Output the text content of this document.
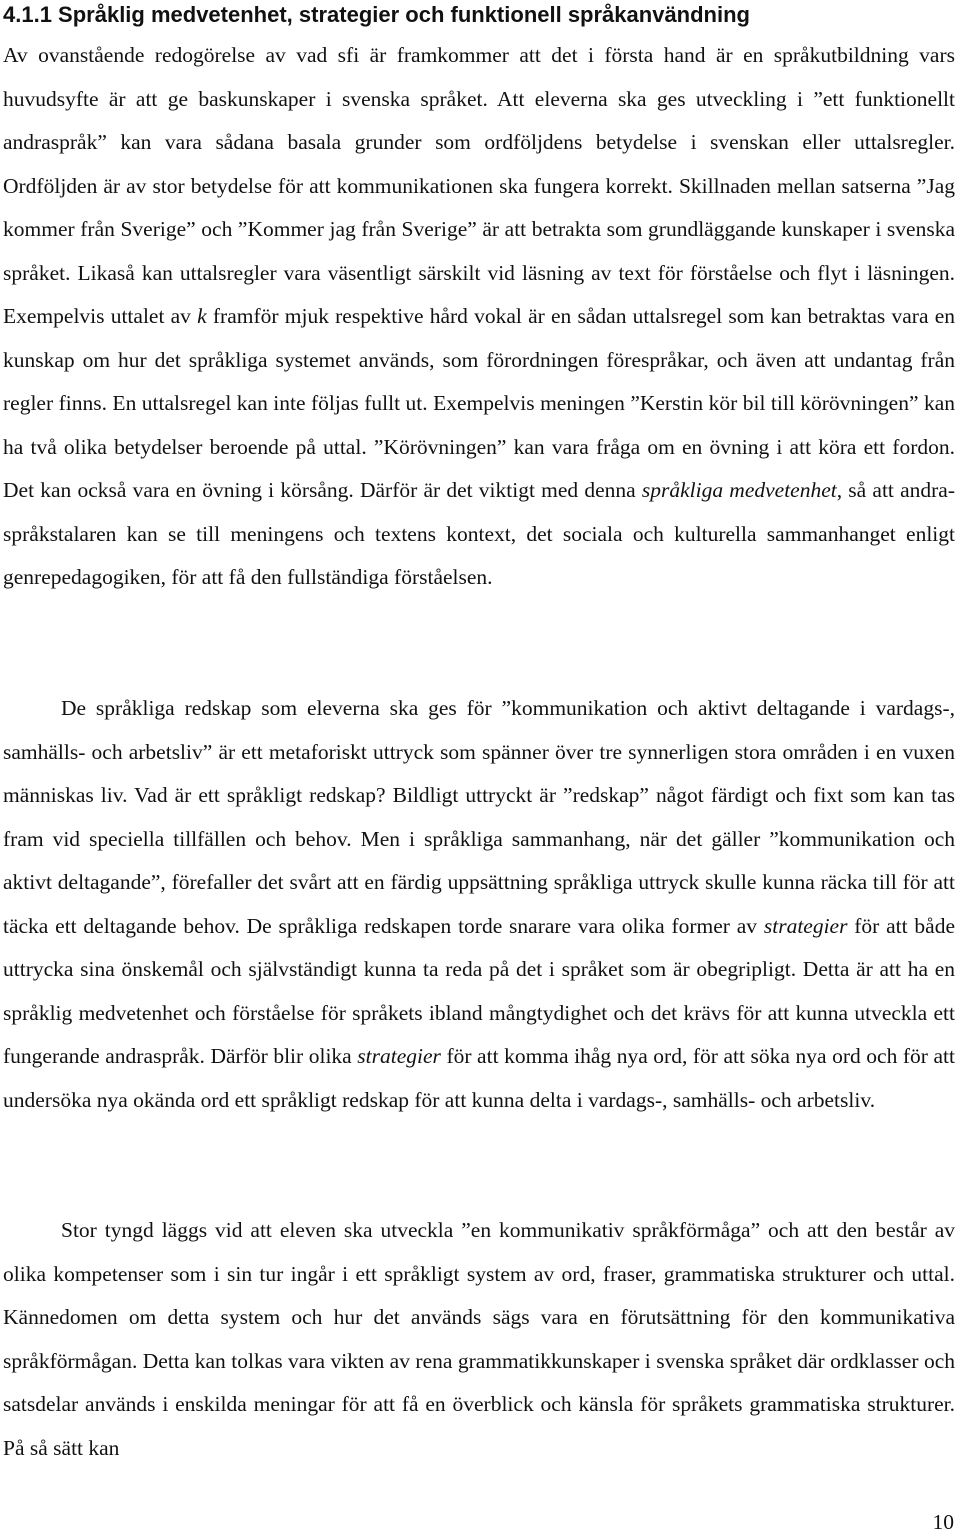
4.1.1 Språklig medvetenhet, strategier och funktionell språkanvändning

Av ovanstående redogörelse av vad sfi är framkommer att det i första hand är en språkutbildning vars huvudsyfte är att ge baskunskaper i svenska språket. Att eleverna ska ges utveckling i ”ett funktionellt andraspråk” kan vara sådana basala grunder som ordföljdens betydelse i svenskan eller uttalsregler. Ordföljden är av stor betydelse för att kommunikationen ska fungera korrekt. Skillnaden mellan satserna ”Jag kommer från Sverige” och ”Kommer jag från Sverige” är att betrakta som grundläggande kunskaper i svenska språket. Likaså kan uttalsregler vara väsentligt särskilt vid läsning av text för förståelse och flyt i läsningen. Exempelvis uttalet av k framför mjuk respektive hård vokal är en sådan uttalsregel som kan betraktas vara en kunskap om hur det språkliga systemet används, som förordningen förespråkar, och även att undantag från regler finns. En uttalsregel kan inte följas fullt ut. Exempelvis meningen ”Kerstin kör bil till körövningen” kan ha två olika betydelser beroende på uttal. ”Körövningen” kan vara fråga om en övning i att köra ett fordon. Det kan också vara en övning i körsång. Därför är det viktigt med denna språkliga medvetenhet, så att andraspråkstalaren kan se till meningens och textens kontext, det sociala och kulturella sammanhanget enligt genrepedagogiken, för att få den fullständiga förståelsen.

De språkliga redskap som eleverna ska ges för ”kommunikation och aktivt deltagande i vardags-, samhälls- och arbetsliv” är ett metaforiskt uttryck som spänner över tre synnerligen stora områden i en vuxen människas liv. Vad är ett språkligt redskap? Bildligt uttryckt är ”redskap” något färdigt och fixt som kan tas fram vid speciella tillfällen och behov. Men i språkliga sammanhang, när det gäller ”kommunikation och aktivt deltagande”, förefaller det svårt att en färdig uppsättning språkliga uttryck skulle kunna räcka till för att täcka ett deltagande behov. De språkliga redskapen torde snarare vara olika former av strategier för att både uttrycka sina önskemål och självständigt kunna ta reda på det i språket som är obegripligt. Detta är att ha en språklig medvetenhet och förståelse för språkets ibland mångtydighet och det krävs för att kunna utveckla ett fungerande andraspråk. Därför blir olika strategier för att komma ihåg nya ord, för att söka nya ord och för att undersöka nya okända ord ett språkligt redskap för att kunna delta i vardags-, samhälls- och arbetsliv.

Stor tyngd läggs vid att eleven ska utveckla ”en kommunikativ språkförmåga” och att den består av olika kompetenser som i sin tur ingår i ett språkligt system av ord, fraser, grammatiska strukturer och uttal. Kännedomen om detta system och hur det används sägs vara en förutsättning för den kommunikativa språkförmågan. Detta kan tolkas vara vikten av rena grammatikkunskaper i svenska språket där ordklasser och satsdelar används i enskilda meningar för att få en överblick och känsla för språkets grammatiska strukturer. På så sätt kan

10
